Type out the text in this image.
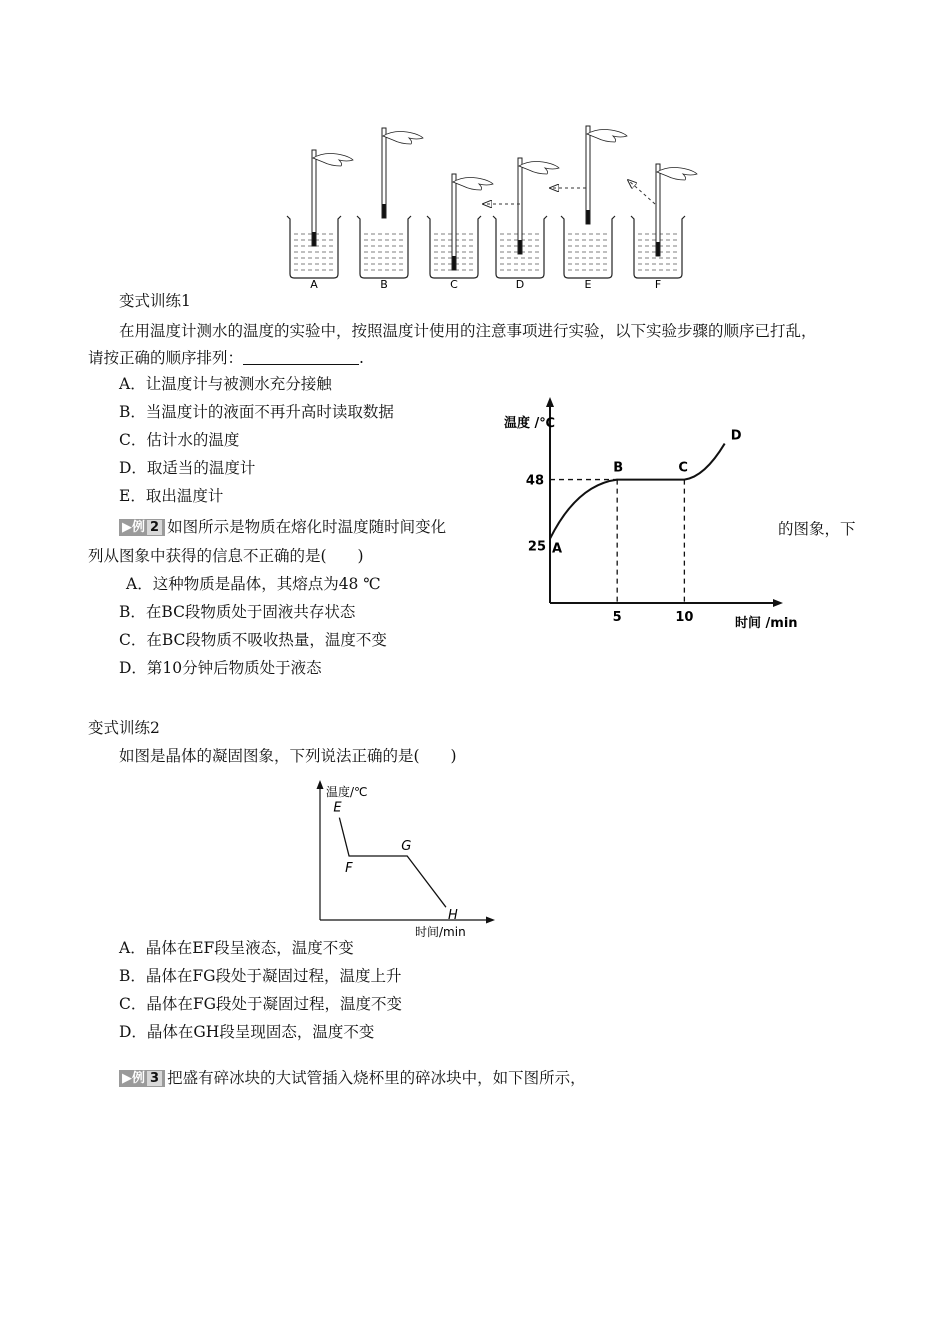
A	B	C	D	E	F
变式训练1
在用温度计测水的温度的实验中，按照温度计使用的注意事项进行实验，以下实验步骤的顺序已打乱，
请按正确的顺序排列：	.
A．让温度计与被测水充分接触
B．当温度计的液面不再升高时读取数据
C．估计水的温度
D．取适当的温度计
E．取出温度计
▶例 2 如图所示是物质在熔化时温度随时间变化	的图象，下
列从图象中获得的信息不正确的是(　　)
A．这种物质是晶体，其熔点为48 ℃
B．在BC段物质处于固液共存状态
C．在BC段物质不吸收热量，温度不变
D．第10分钟后物质处于液态
温度 /℃
时间 /min
5	10
48
25 A
B	C
D
变式训练2
如图是晶体的凝固图象，下列说法正确的是(　　)
温度/℃
时间/min
E
F
G
H
A．晶体在EF段呈液态，温度不变
B．晶体在FG段处于凝固过程，温度上升
C．晶体在FG段处于凝固过程，温度不变
D．晶体在GH段呈现固态，温度不变
▶例 3 把盛有碎冰块的大试管插入烧杯里的碎冰块中，如下图所示，
